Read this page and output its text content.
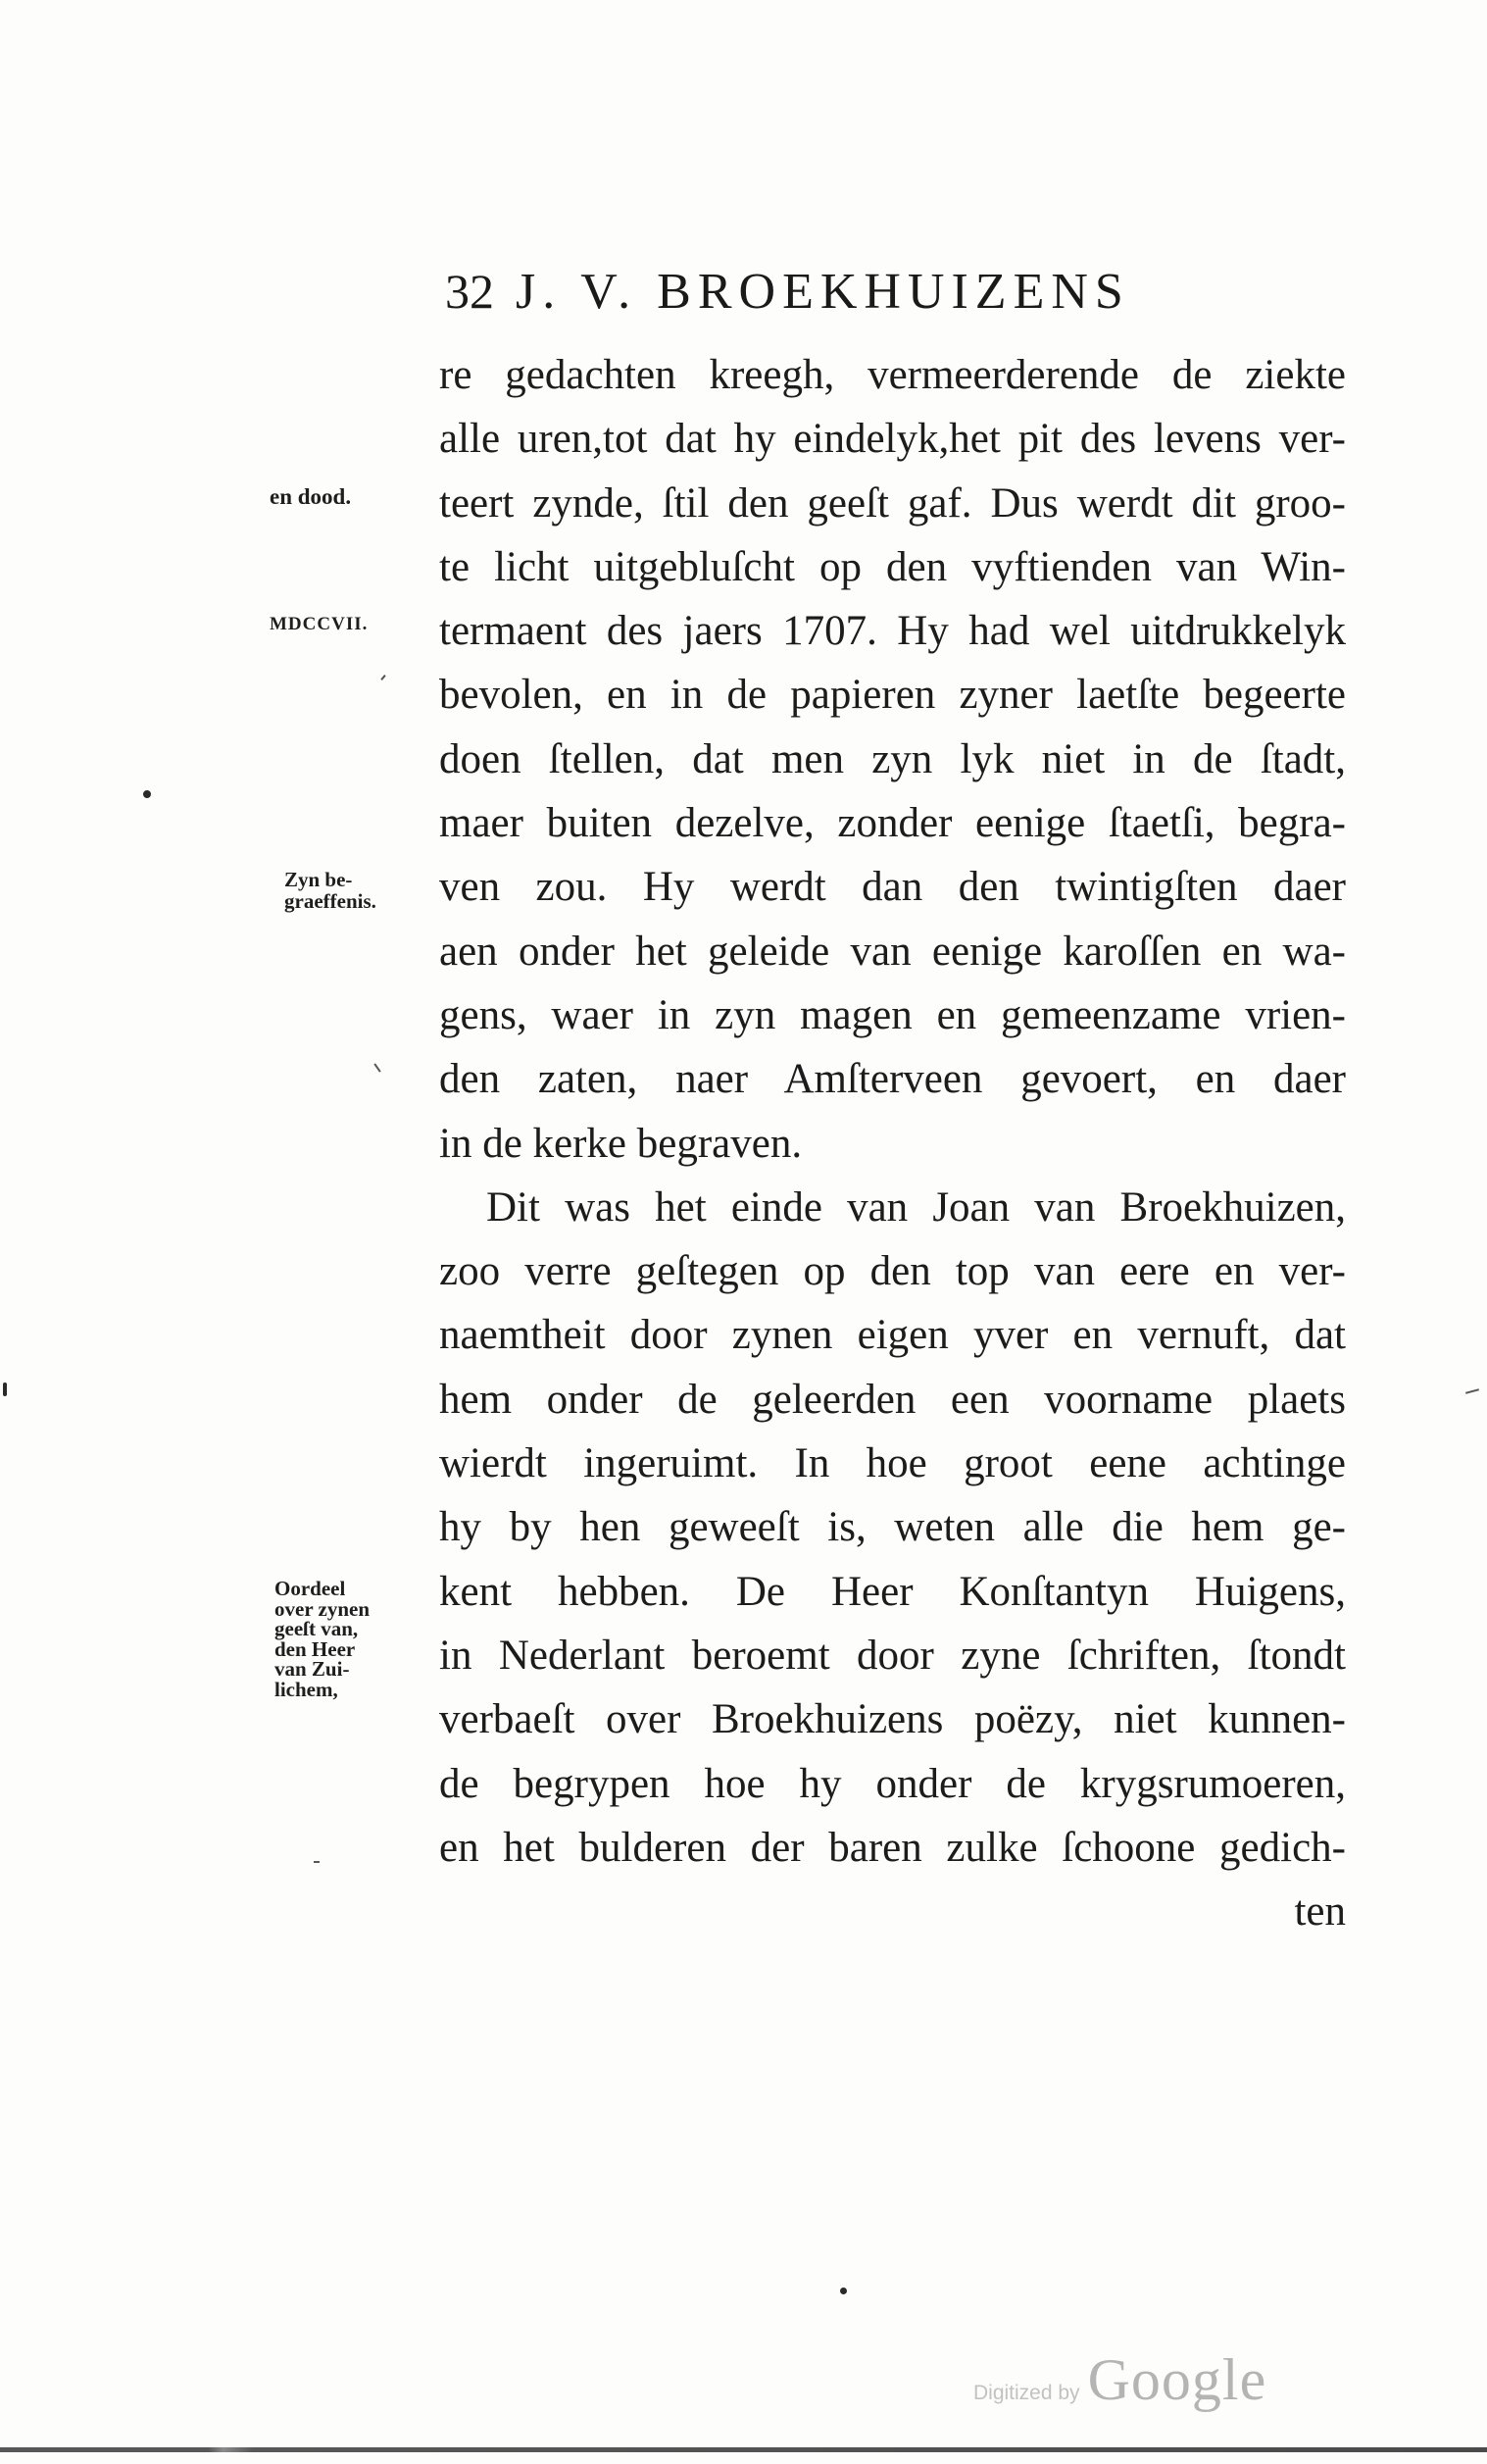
32 J. V. BROEKHUIZENS
re gedachten kreegh, vermeerderende de ziekte
alle uren,tot dat hy eindelyk,het pit des levens ver-
teert zynde, ſtil den geeſt gaf. Dus werdt dit groo-
te licht uitgebluſcht op den vyftienden van Win-
termaent des jaers 1707. Hy had wel uitdrukkelyk
bevolen, en in de papieren zyner laetſte begeerte
doen ſtellen, dat men zyn lyk niet in de ſtadt,
maer buiten dezelve, zonder eenige ſtaetſi, begra-
ven zou. Hy werdt dan den twintigſten daer
aen onder het geleide van eenige karoſſen en wa-
gens, waer in zyn magen en gemeenzame vrien-
den zaten, naer Amſterveen gevoert, en daer
in de kerke begraven.
Dit was het einde van Joan van Broekhuizen,
zoo verre geſtegen op den top van eere en ver-
naemtheit door zynen eigen yver en vernuft, dat
hem onder de geleerden een voorname plaets
wierdt ingeruimt. In hoe groot eene achtinge
hy by hen geweeſt is, weten alle die hem ge-
kent hebben. De Heer Konſtantyn Huigens,
in Nederlant beroemt door zyne ſchriften, ſtondt
verbaeſt over Broekhuizens poëzy, niet kunnen-
de begrypen hoe hy onder de krygsrumoeren,
en het bulderen der baren zulke ſchoone gedich-
ten
en dood.
MDCCVII.
Zyn be-
graeffenis.
Oordeel
over zynen
geeſt van,
den Heer
van Zui-
lichem,
Digitized by Google
